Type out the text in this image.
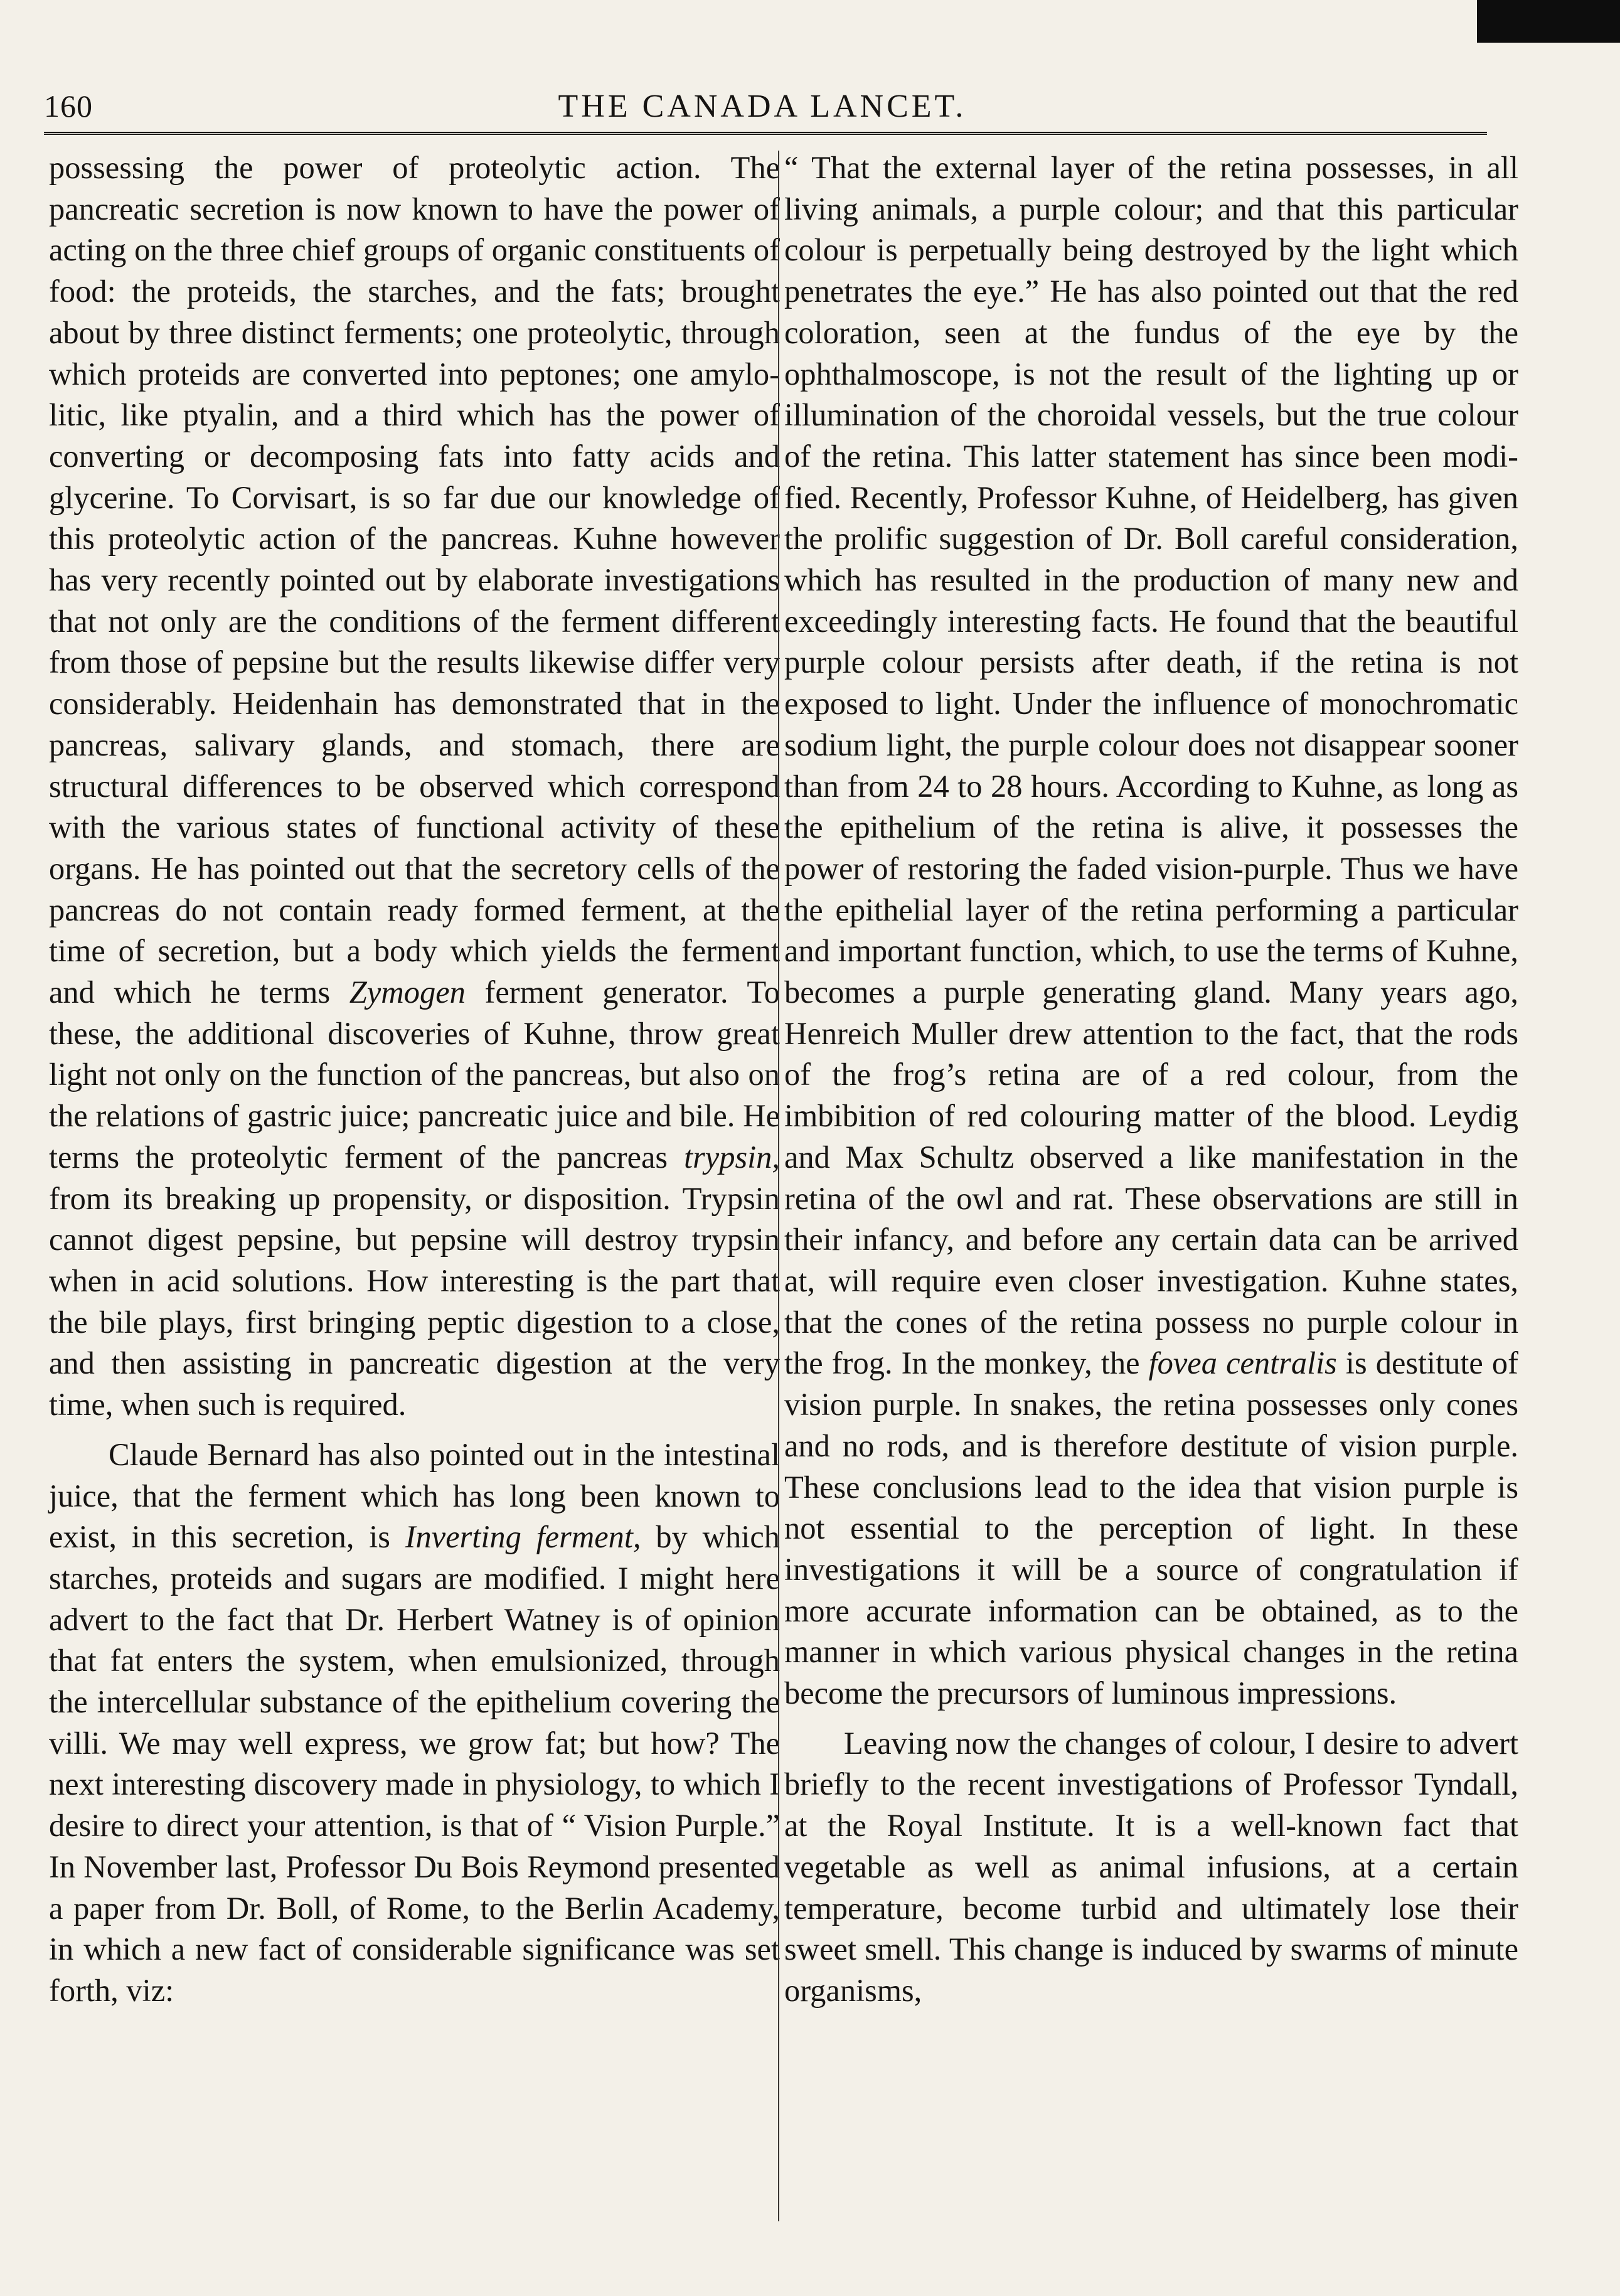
160	THE CANADA LANCET.

possessing the power of proteolytic action. The pancreatic secretion is now known to have the power of acting on the three chief groups of organic constituents of food: the proteids, the starches, and the fats; brought about by three distinct ferments; one proteolytic, through which proteids are converted into peptones; one amylolitic, like ptyalin, and a third which has the power of converting or decomposing fats into fatty acids and glycerine. To Corvisart, is so far due our knowledge of this proteolytic action of the pancreas. Kuhne however has very recently pointed out by elaborate investigations that not only are the conditions of the ferment different from those of pepsine but the results likewise differ very considerably. Heidenhain has demonstrated that in the pancreas, salivary glands, and stomach, there are structural differences to be observed which correspond with the various states of functional activity of these organs. He has pointed out that the secretory cells of the pancreas do not contain ready formed ferment, at the time of secretion, but a body which yields the ferment and which he terms Zymogen ferment generator. To these, the additional discoveries of Kuhne, throw great light not only on the function of the pancreas, but also on the relations of gastric juice; pancreatic juice and bile. He terms the proteolytic ferment of the pancreas trypsin, from its breaking up propensity, or disposition. Trypsin cannot digest pepsine, but pepsine will destroy trypsin when in acid solutions. How interesting is the part that the bile plays, first bringing peptic digestion to a close, and then assisting in pancreatic digestion at the very time, when such is required.

Claude Bernard has also pointed out in the intestinal juice, that the ferment which has long been known to exist, in this secretion, is Inverting ferment, by which starches, proteids and sugars are modified. I might here advert to the fact that Dr. Herbert Watney is of opinion that fat enters the system, when emulsionized, through the intercellular substance of the epithelium covering the villi. We may well express, we grow fat; but how? The next interesting discovery made in physiology, to which I desire to direct your attention, is that of “ Vision Purple.” In November last, Professor Du Bois Reymond presented a paper from Dr. Boll, of Rome, to the Berlin Academy, in which a new fact of considerable significance was set forth, viz:

“ That the external layer of the retina possesses, in all living animals, a purple colour; and that this particular colour is perpetually being destroyed by the light which penetrates the eye.” He has also pointed out that the red coloration, seen at the fundus of the eye by the ophthalmoscope, is not the result of the lighting up or illumination of the choroidal vessels, but the true colour of the retina. This latter statement has since been modified. Recently, Professor Kuhne, of Heidelberg, has given the prolific suggestion of Dr. Boll careful consideration, which has resulted in the production of many new and exceedingly interesting facts. He found that the beautiful purple colour persists after death, if the retina is not exposed to light. Under the influence of monochromatic sodium light, the purple colour does not disappear sooner than from 24 to 28 hours. According to Kuhne, as long as the epithelium of the retina is alive, it possesses the power of restoring the faded vision-purple. Thus we have the epithelial layer of the retina performing a particular and important function, which, to use the terms of Kuhne, becomes a purple generating gland. Many years ago, Henreich Muller drew attention to the fact, that the rods of the frog’s retina are of a red colour, from the imbibition of red colouring matter of the blood. Leydig and Max Schultz observed a like manifestation in the retina of the owl and rat. These observations are still in their infancy, and before any certain data can be arrived at, will require even closer investigation. Kuhne states, that the cones of the retina possess no purple colour in the frog. In the monkey, the fovea centralis is destitute of vision purple. In snakes, the retina possesses only cones and no rods, and is therefore destitute of vision purple. These conclusions lead to the idea that vision purple is not essential to the perception of light. In these investigations it will be a source of congratulation if more accurate information can be obtained, as to the manner in which various physical changes in the retina become the precursors of luminous impressions.

Leaving now the changes of colour, I desire to advert briefly to the recent investigations of Professor Tyndall, at the Royal Institute. It is a well-known fact that vegetable as well as animal infusions, at a certain temperature, become turbid and ultimately lose their sweet smell. This change is induced by swarms of minute organisms,
